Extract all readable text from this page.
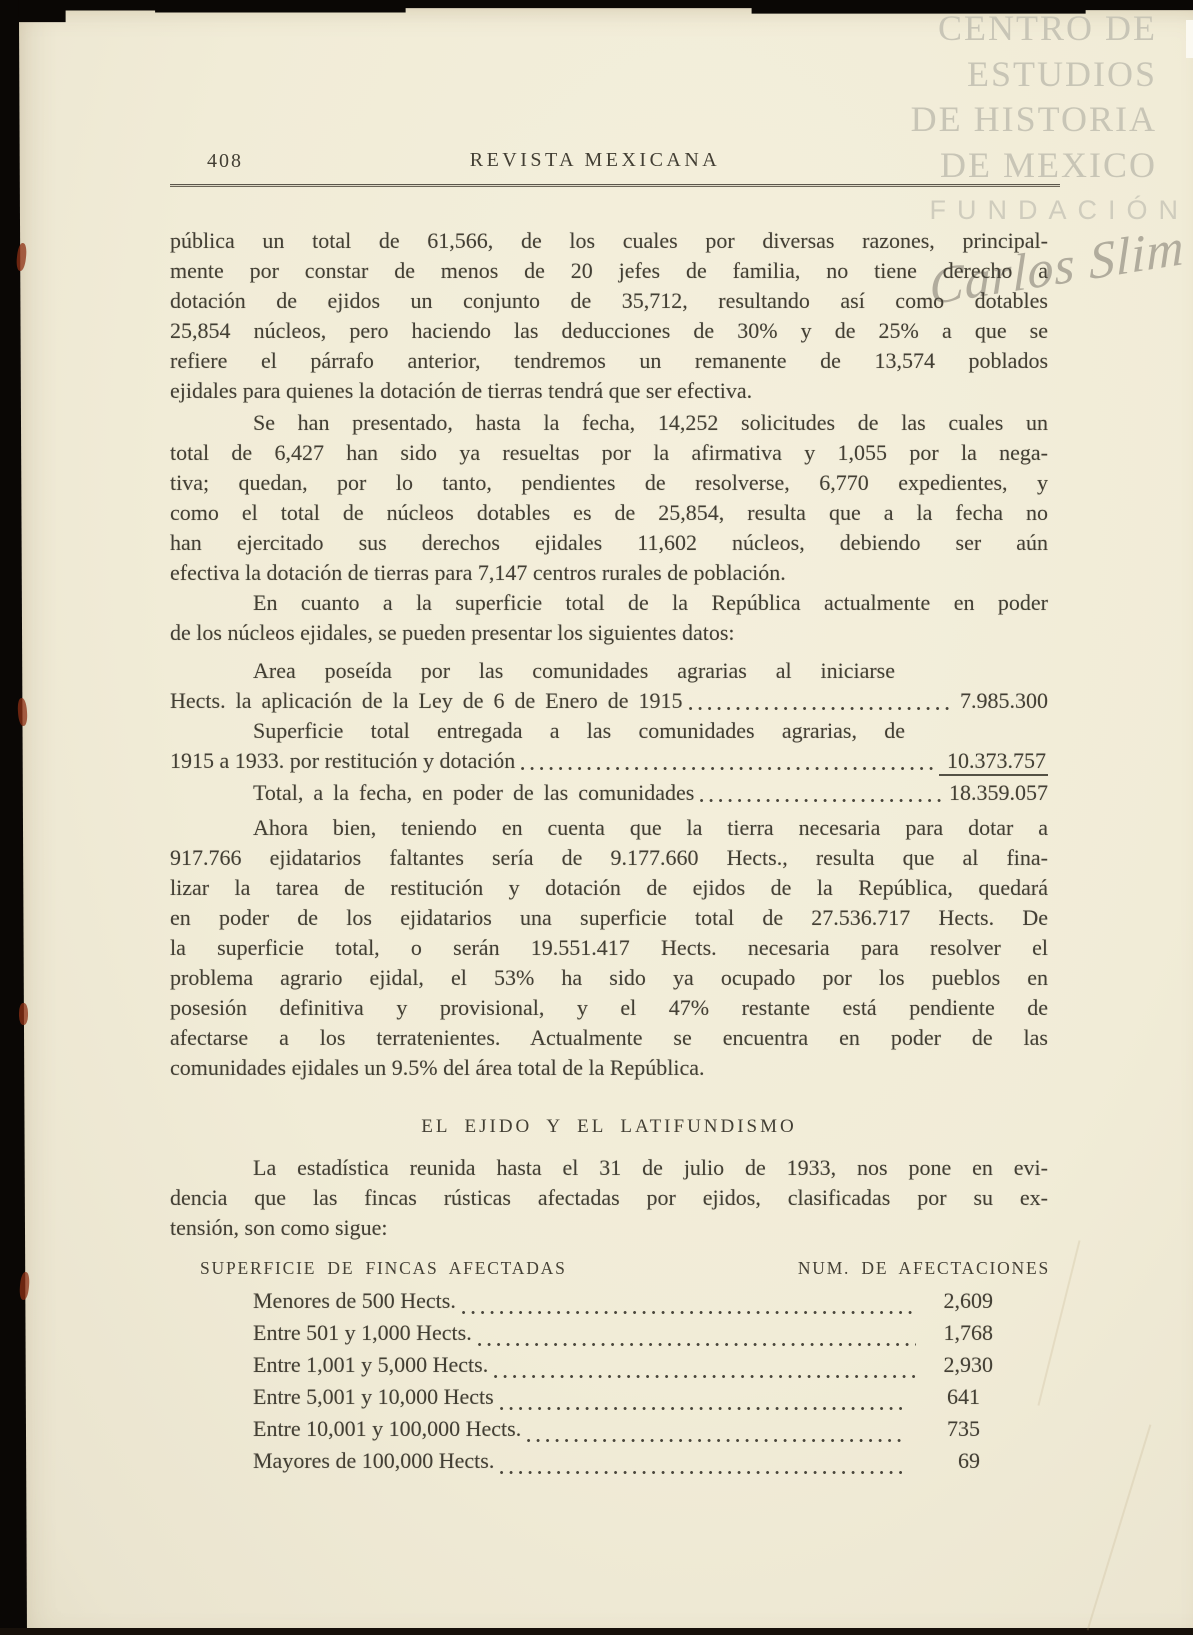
CENTRO DE
ESTUDIOS
DE HISTORIA
DE MEXICO
FUNDACIÓN
Carlos Slim
408	REVISTA MEXICANA
pública un total de 61,566, de los cuales por diversas razones, principal-
mente por constar de menos de 20 jefes de familia, no tiene derecho a
dotación de ejidos un conjunto de 35,712, resultando así como dotables
25,854 núcleos, pero haciendo las deducciones de 30% y de 25% a que se
refiere el párrafo anterior, tendremos un remanente de 13,574 poblados
ejidales para quienes la dotación de tierras tendrá que ser efectiva.
Se han presentado, hasta la fecha, 14,252 solicitudes de las cuales un
total de 6,427 han sido ya resueltas por la afirmativa y 1,055 por la nega-
tiva; quedan, por lo tanto, pendientes de resolverse, 6,770 expedientes, y
como el total de núcleos dotables es de 25,854, resulta que a la fecha no
han ejercitado sus derechos ejidales 11,602 núcleos, debiendo ser aún
efectiva la dotación de tierras para 7,147 centros rurales de población.
En cuanto a la superficie total de la República actualmente en poder
de los núcleos ejidales, se pueden presentar los siguientes datos:
Area poseída por las comunidades agrarias al iniciarse
Hects. la aplicación de la Ley de 6 de Enero de 1915	7.985.300
Superficie total entregada a las comunidades agrarias, de
1915 a 1933. por restitución y dotación	10.373.757
Total, a la fecha, en poder de las comunidades	18.359.057
Ahora bien, teniendo en cuenta que la tierra necesaria para dotar a
917.766 ejidatarios faltantes sería de 9.177.660 Hects., resulta que al fina-
lizar la tarea de restitución y dotación de ejidos de la República, quedará
en poder de los ejidatarios una superficie total de 27.536.717 Hects. De
la superficie total, o serán 19.551.417 Hects. necesaria para resolver el
problema agrario ejidal, el 53% ha sido ya ocupado por los pueblos en
posesión definitiva y provisional, y el 47% restante está pendiente de
afectarse a los terratenientes. Actualmente se encuentra en poder de las
comunidades ejidales un 9.5% del área total de la República.
EL EJIDO Y EL LATIFUNDISMO
La estadística reunida hasta el 31 de julio de 1933, nos pone en evi-
dencia que las fincas rústicas afectadas por ejidos, clasificadas por su ex-
tensión, son como sigue:
SUPERFICIE DE FINCAS AFECTADAS	NUM. DE AFECTACIONES
Menores de 500 Hects.	2,609
Entre 501 y 1,000 Hects.	1,768
Entre 1,001 y 5,000 Hects.	2,930
Entre 5,001 y 10,000 Hects	641
Entre 10,001 y 100,000 Hects.	735
Mayores de 100,000 Hects.	69
